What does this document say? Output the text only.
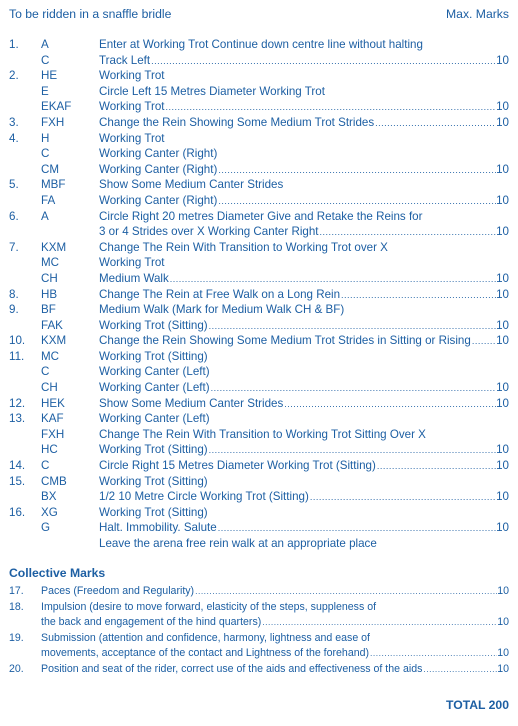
To be ridden in a snaffle bridle	Max. Marks
1. A	Enter at Working Trot Continue down centre line without halting
C	Track Left .....	10
2. HE	Working Trot
E	Circle Left 15 Metres Diameter Working Trot
EKAF Working Trot .....	10
3. FXH	Change the Rein Showing Some Medium Trot Strides .....	10
4. H	Working Trot
C	Working Canter (Right)
CM	Working Canter (Right) .....	10
5. MBF	Show Some Medium Canter Strides
FA	Working Canter (Right) .....	10
6. A	Circle Right 20 metres Diameter Give and Retake the Reins for
3 or 4 Strides over X Working Canter Right .....	10
7. KXM	Change The Rein With Transition to Working Trot over X
MC	Working Trot
CH	Medium Walk .....	10
8. HB	Change The Rein at Free Walk on a Long Rein .....	10
9. BF	Medium Walk (Mark for Medium Walk CH & BF)
FAK	Working Trot (Sitting) .....	10
10. KXM	Change the Rein Showing Some Medium Trot Strides in Sitting or Rising ..... 10
11. MC	Working Trot (Sitting)
C	Working Canter (Left)
CH	Working Canter (Left) .....	10
12. HEK	Show Some Medium Canter Strides .....	10
13. KAF	Working Canter (Left)
FXH	Change The Rein With Transition to Working Trot Sitting Over X
HC	Working Trot (Sitting) .....	10
14. C	Circle Right 15 Metres Diameter Working Trot (Sitting) .....	10
15. CMB	Working Trot (Sitting)
BX	1/2 10 Metre Circle Working Trot (Sitting) .....	10
16. XG	Working Trot (Sitting)
G	Halt. Immobility. Salute .....	10
Leave the arena free rein walk at an appropriate place
Collective Marks
17. Paces (Freedom and Regularity) .....	10
18. Impulsion (desire to move forward, elasticity of the steps, suppleness of
the back and engagement of the hind quarters) .....	10
19. Submission (attention and confidence, harmony, lightness and ease of
movements, acceptance of the contact and Lightness of the forehand) .....	10
20. Position and seat of the rider, correct use of the aids and effectiveness of the aids .....	10
TOTAL 200
